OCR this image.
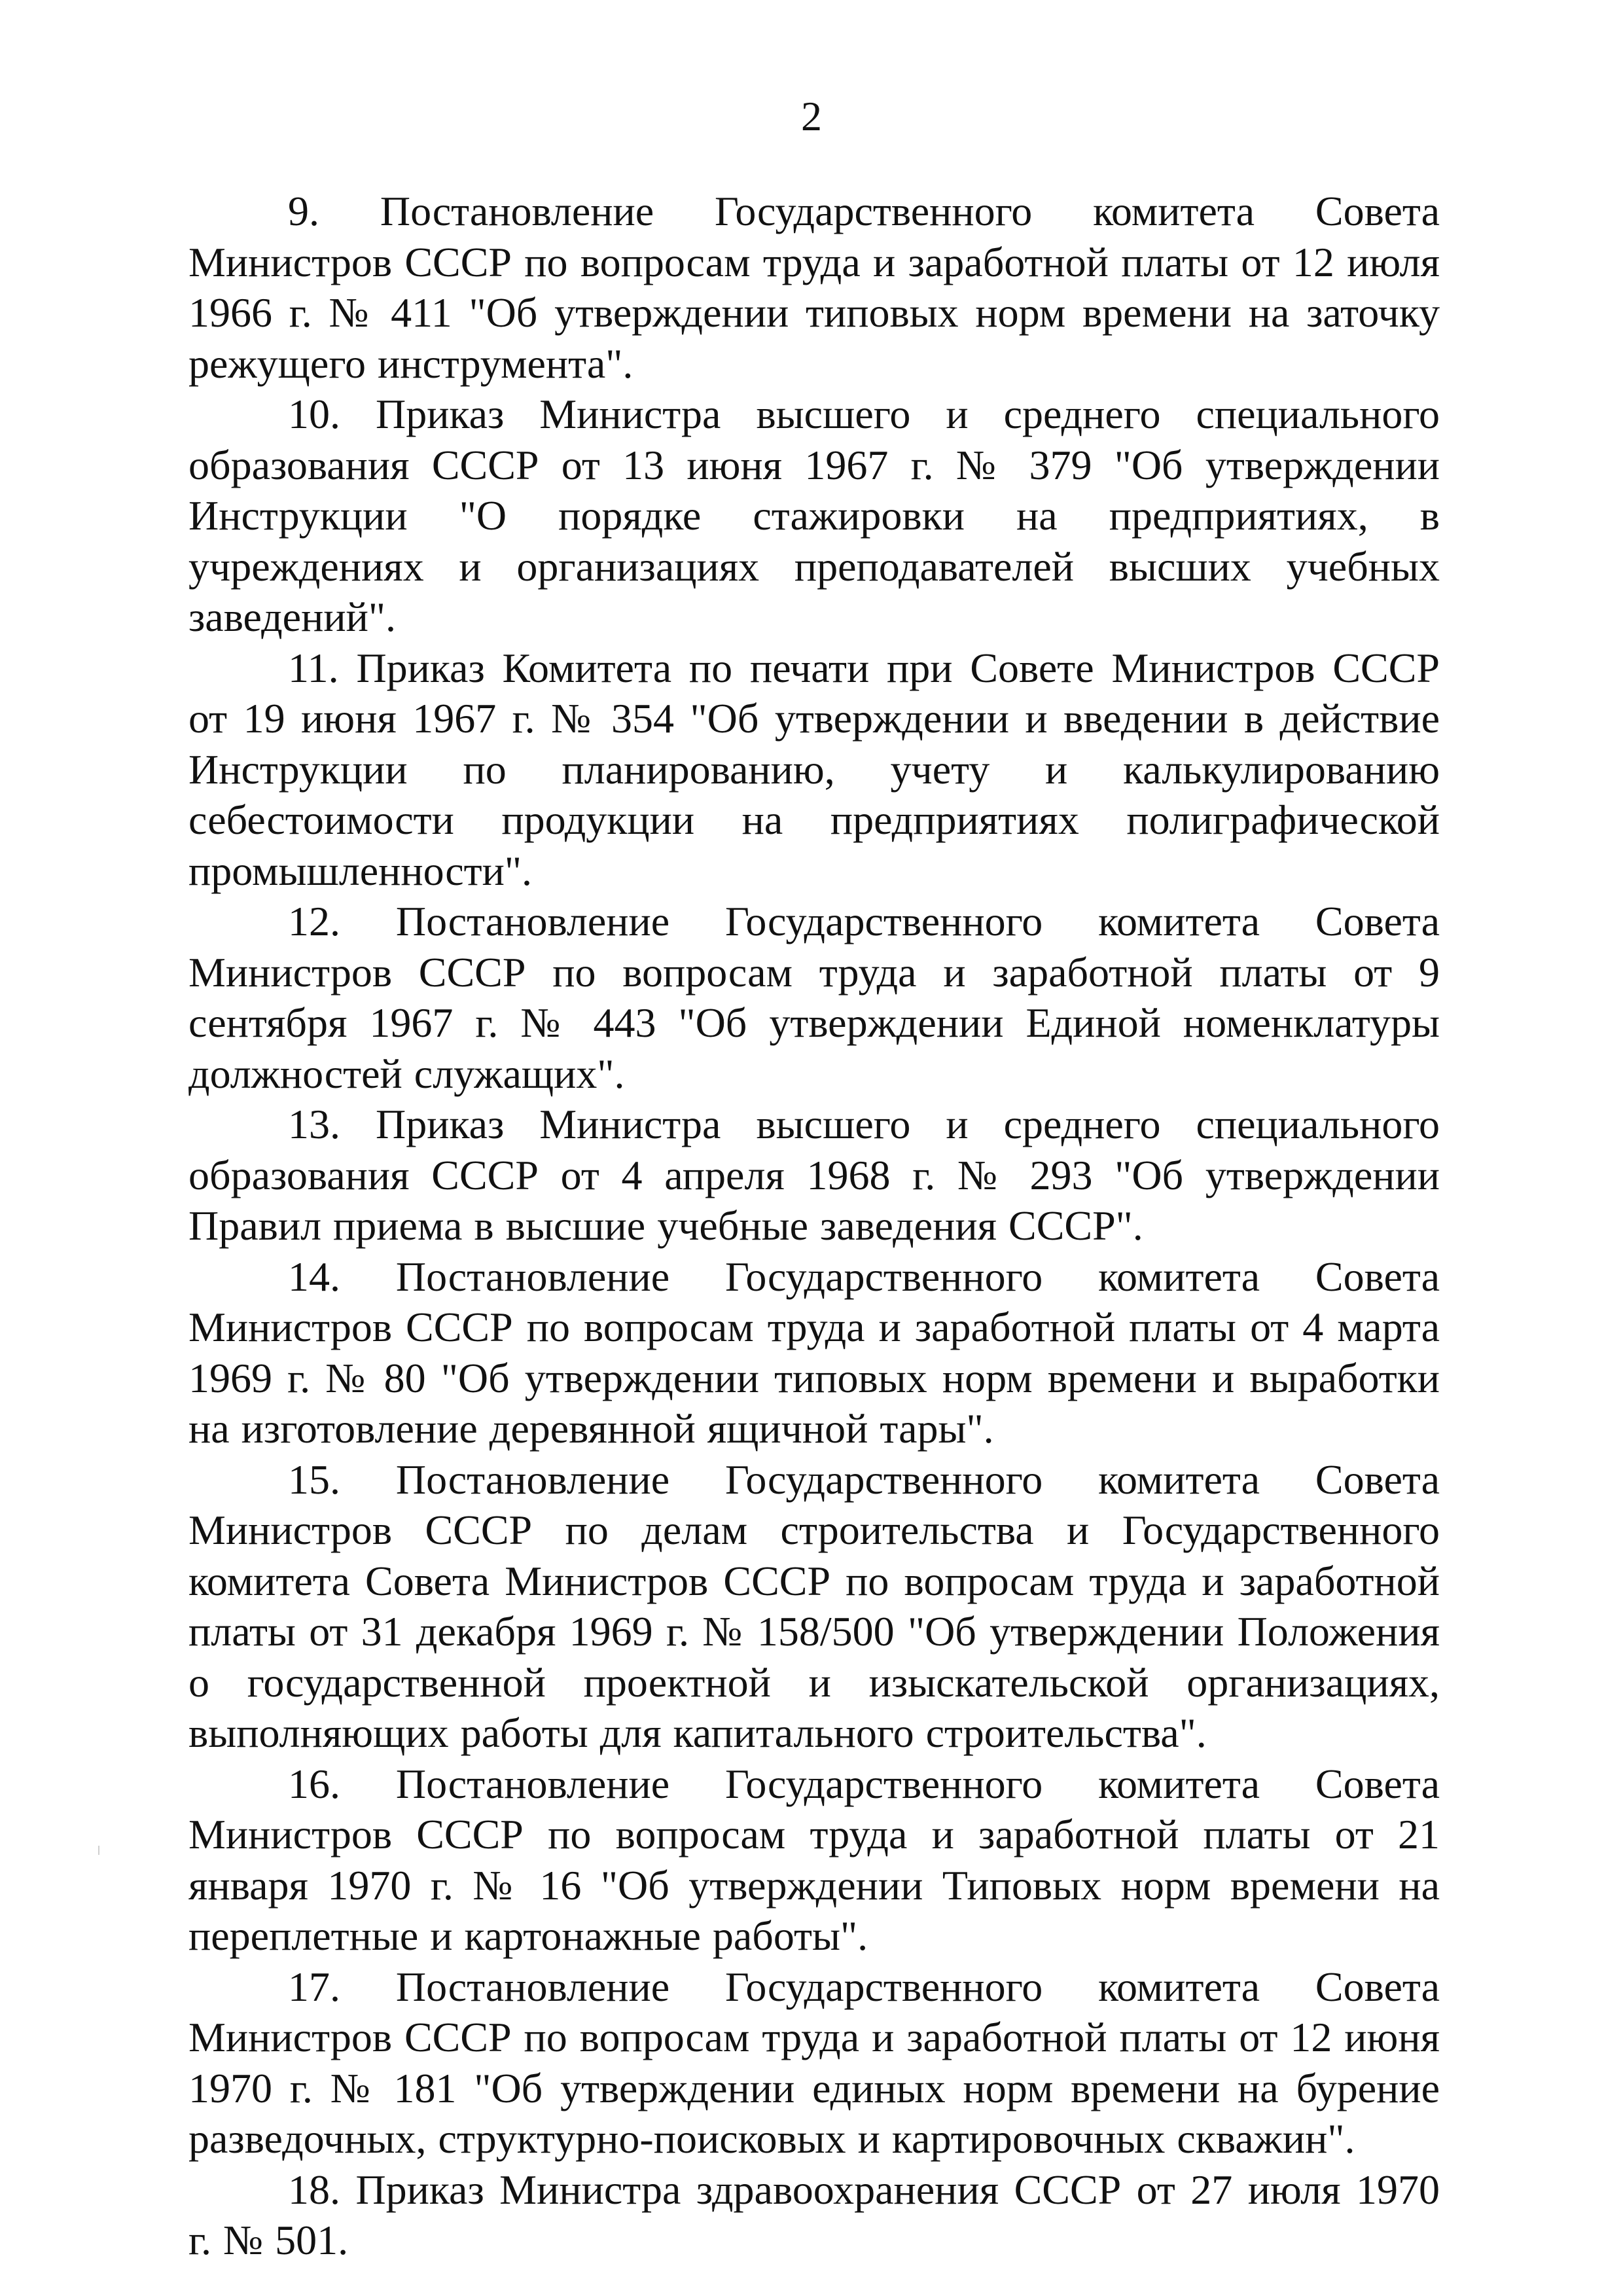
2

9. Постановление Государственного комитета Совета Министров СССР по вопросам труда и заработной платы от 12 июля 1966 г. № 411 "Об утверждении типовых норм времени на заточку режущего инструмента".

10. Приказ Министра высшего и среднего специального образования СССР от 13 июня 1967 г. № 379 "Об утверждении Инструкции "О порядке стажировки на предприятиях, в учреждениях и организациях преподавателей высших учебных заведений".

11. Приказ Комитета по печати при Совете Министров СССР от 19 июня 1967 г. № 354 "Об утверждении и введении в действие Инструкции по планированию, учету и калькулированию себестоимости продукции на предприятиях полиграфической промышленности".

12. Постановление Государственного комитета Совета Министров СССР по вопросам труда и заработной платы от 9 сентября 1967 г. № 443 "Об утверждении Единой номенклатуры должностей служащих".

13. Приказ Министра высшего и среднего специального образования СССР от 4 апреля 1968 г. № 293 "Об утверждении Правил приема в высшие учебные заведения СССР".

14. Постановление Государственного комитета Совета Министров СССР по вопросам труда и заработной платы от 4 марта 1969 г. № 80 "Об утверждении типовых норм времени и выработки на изготовление деревянной ящичной тары".

15. Постановление Государственного комитета Совета Министров СССР по делам строительства и Государственного комитета Совета Министров СССР по вопросам труда и заработной платы от 31 декабря 1969 г. № 158/500 "Об утверждении Положения о государственной проектной и изыскательской организациях, выполняющих работы для капитального строительства".

16. Постановление Государственного комитета Совета Министров СССР по вопросам труда и заработной платы от 21 января 1970 г. № 16 "Об утверждении Типовых норм времени на переплетные и картонажные работы".

17. Постановление Государственного комитета Совета Министров СССР по вопросам труда и заработной платы от 12 июня 1970 г. № 181 "Об утверждении единых норм времени на бурение разведочных, структурно-поисковых и картировочных скважин".

18. Приказ Министра здравоохранения СССР от 27 июля 1970 г. № 501.
